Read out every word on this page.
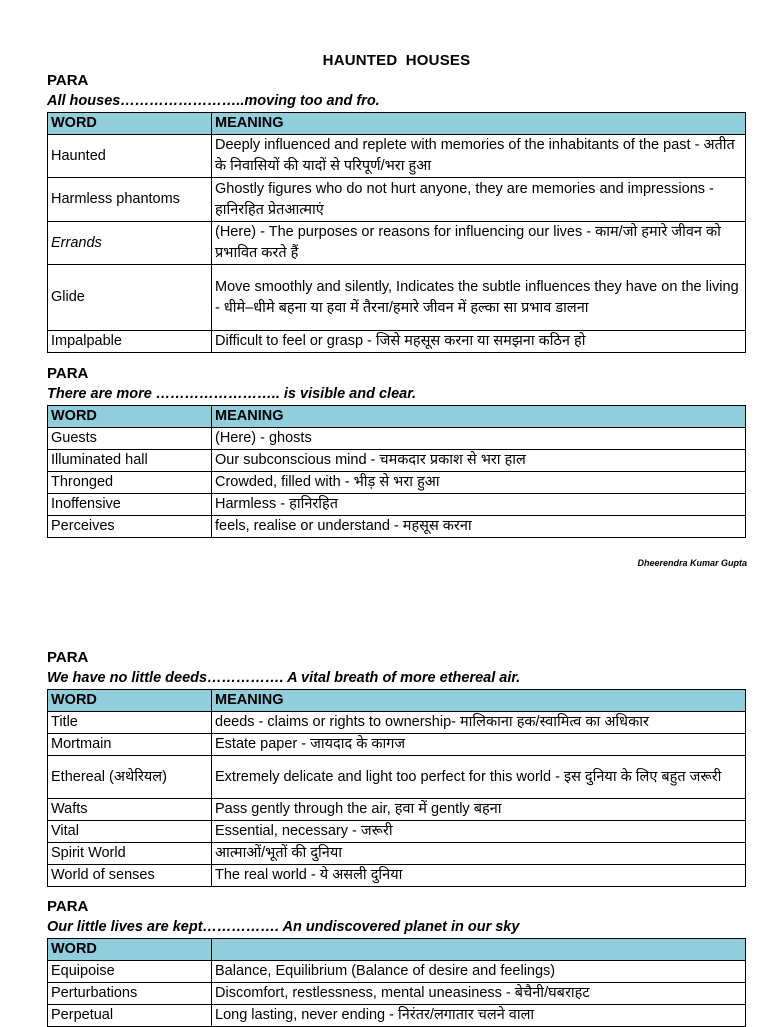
HAUNTED HOUSES
PARA
All houses……………………..moving too and fro.
WORD	MEANING
Haunted	Deeply influenced and replete with memories of the inhabitants of the past - अतीत के निवासियों की यादों से परिपूर्ण/भरा हुआ
Harmless phantoms	Ghostly figures who do not hurt anyone, they are memories and impressions - हानिरहित प्रेतआत्माएं
Errands	(Here) - The purposes or reasons for influencing our lives - काम/जो हमारे जीवन को प्रभावित करते हैं
Glide	Move smoothly and silently, Indicates the subtle influences they have on the living - धीमे–धीमे बहना या हवा में तैरना/हमारे जीवन में हल्का सा प्रभाव डालना
Impalpable	Difficult to feel or grasp - जिसे महसूस करना या समझना कठिन हो
PARA
There are more …………………….. is visible and clear.
WORD	MEANING
Guests	(Here) - ghosts
Illuminated hall	Our subconscious mind - चमकदार प्रकाश से भरा हाल
Thronged	Crowded, filled with - भीड़ से भरा हुआ
Inoffensive	Harmless - हानिरहित
Perceives	feels, realise or understand - महसूस करना
Dheerendra Kumar Gupta
PARA
We have no little deeds……………. A vital breath of more ethereal air.
WORD	MEANING
Title	deeds - claims or rights to ownership- मालिकाना हक/स्वामित्व का अधिकार
Mortmain	Estate paper - जायदाद के कागज
Ethereal (अथेरियल)	Extremely delicate and light too perfect for this world - इस दुनिया के लिए बहुत जरूरी
Wafts	Pass gently through the air, हवा में gently बहना
Vital	Essential, necessary - जरूरी
Spirit World	आत्माओं/भूतों की दुनिया
World of senses	The real world - ये असली दुनिया
PARA
Our little lives are kept……………. An undiscovered planet in our sky
WORD	
Equipoise	Balance, Equilibrium (Balance of desire and feelings)
Perturbations	Discomfort, restlessness, mental uneasiness - बेचैनी/घबराहट
Perpetual	Long lasting, never ending - निरंतर/लगातार चलने वाला
